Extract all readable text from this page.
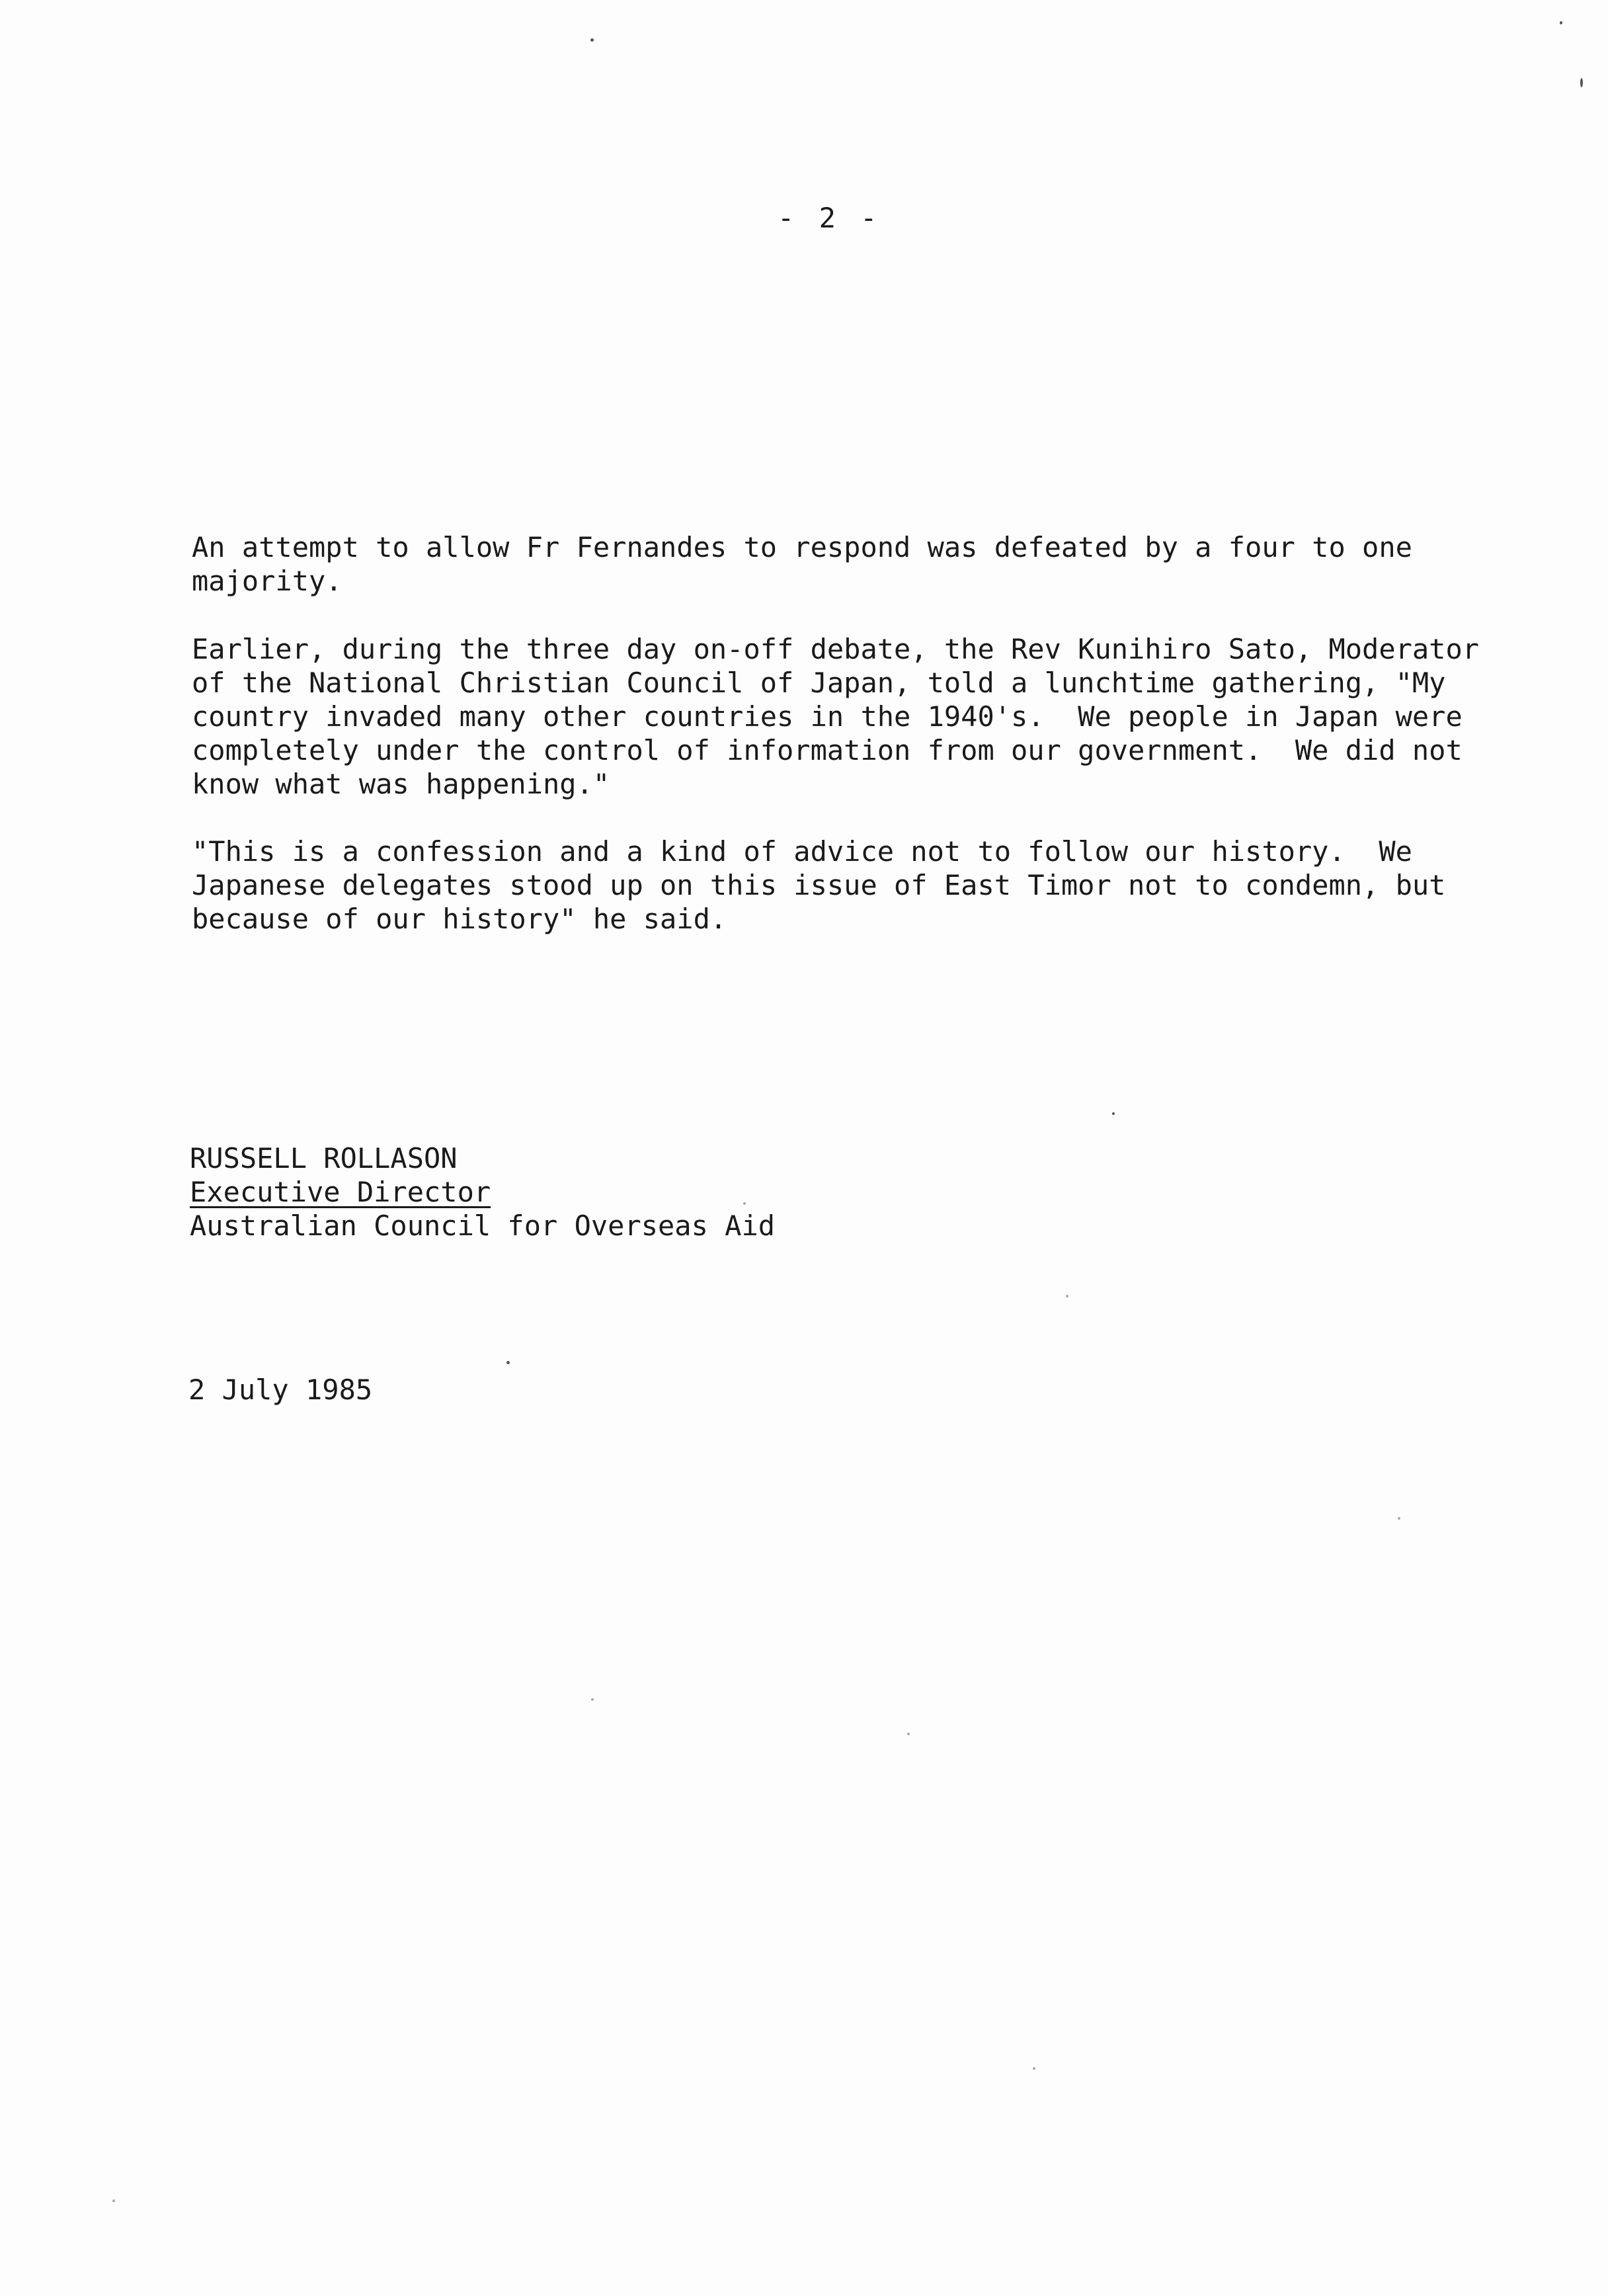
- 2 -

An attempt to allow Fr Fernandes to respond was defeated by a four to one
majority.

Earlier, during the three day on-off debate, the Rev Kunihiro Sato, Moderator
of the National Christian Council of Japan, told a lunchtime gathering, "My
country invaded many other countries in the 1940's.  We people in Japan were
completely under the control of information from our government.  We did not
know what was happening."

"This is a confession and a kind of advice not to follow our history.  We
Japanese delegates stood up on this issue of East Timor not to condemn, but
because of our history" he said.

RUSSELL ROLLASON
Executive Director
Australian Council for Overseas Aid
2 July 1985
